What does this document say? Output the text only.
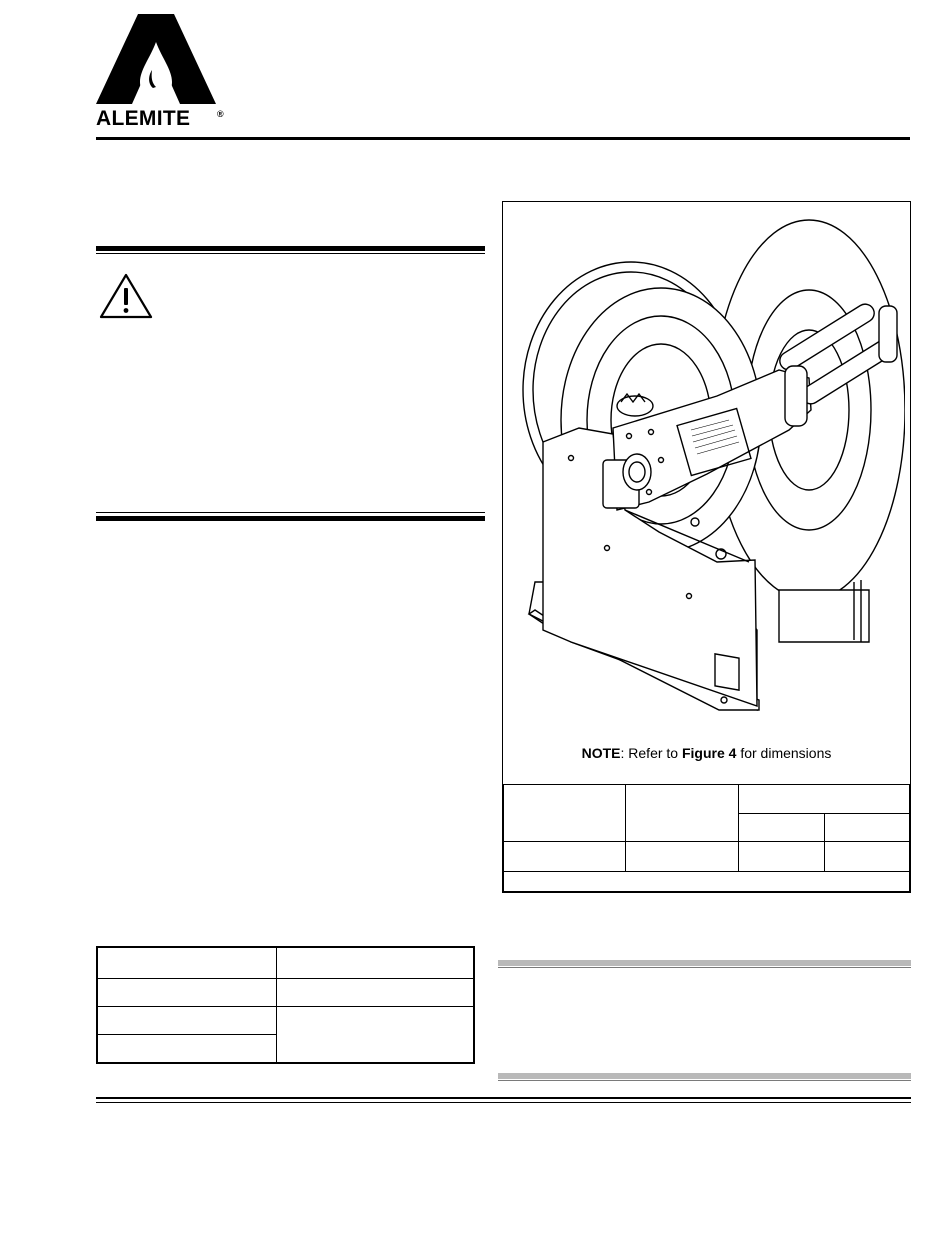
ALEMITE	®
NOTE: Refer to Figure 4 for dimensions
